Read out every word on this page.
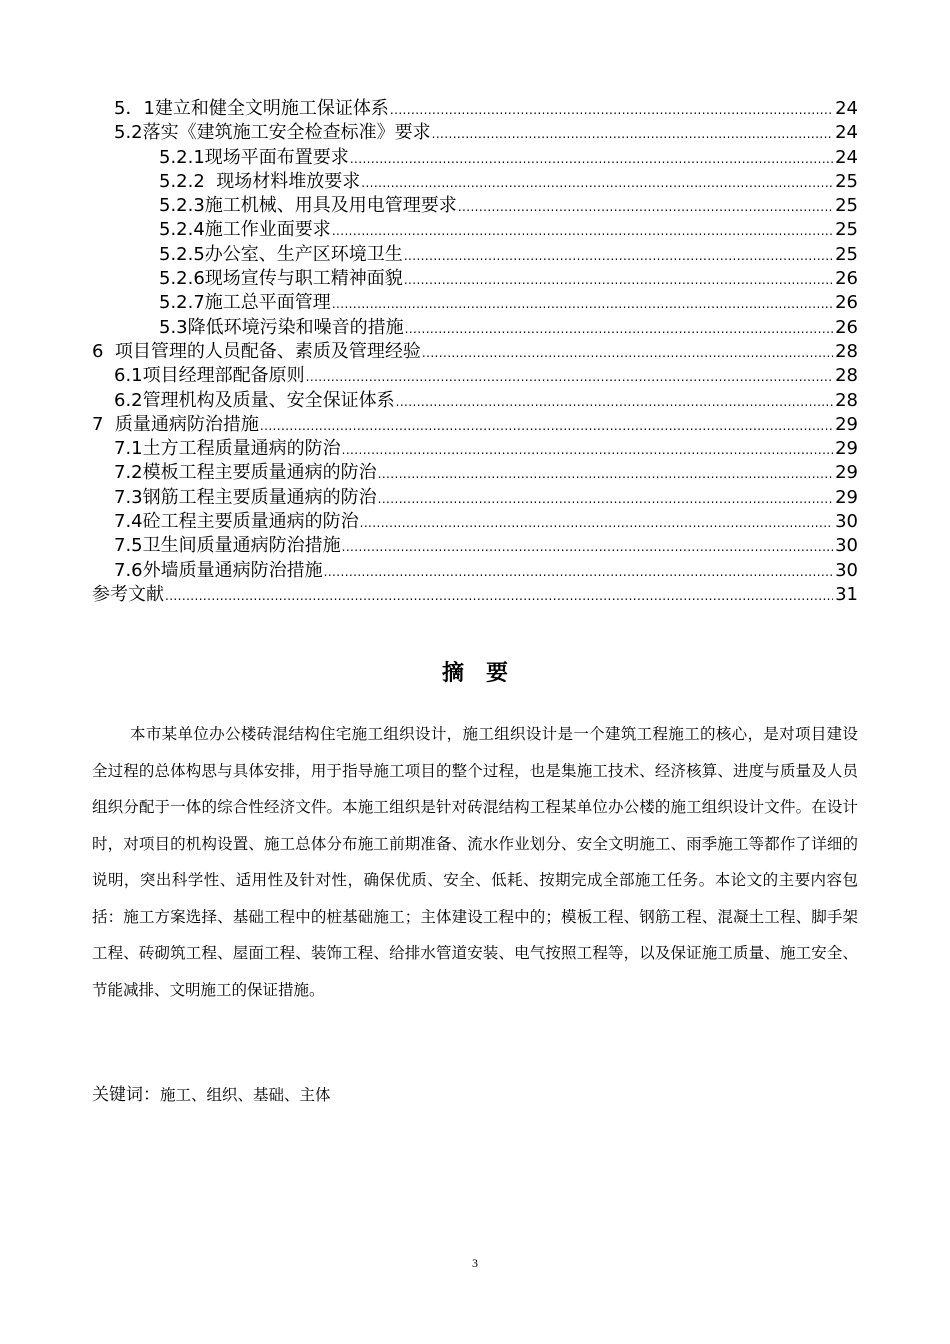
5．1建立和健全文明施工保证体系 .....	24
5.2落实《建筑施工安全检查标准》要求 .....	24
5.2.1现场平面布置要求 .....	24
5.2.2  现场材料堆放要求 .....	25
5.2.3施工机械、用具及用电管理要求 .....	25
5.2.4施工作业面要求 .....	25
5.2.5办公室、生产区环境卫生 .....	25
5.2.6现场宣传与职工精神面貌 .....	26
5.2.7施工总平面管理 .....	26
5.3降低环境污染和噪音的措施 .....	26
6  项目管理的人员配备、素质及管理经验 .....	28
6.1项目经理部配备原则 .....	28
6.2管理机构及质量、安全保证体系 .....	28
7  质量通病防治措施 .....	29
7.1土方工程质量通病的防治 .....	29
7.2模板工程主要质量通病的防治 .....	29
7.3钢筋工程主要质量通病的防治 .....	29
7.4砼工程主要质量通病的防治 .....	30
7.5卫生间质量通病防治措施 .....	30
7.6外墙质量通病防治措施 .....	30
参考文献 .....	31
摘要

本市某单位办公楼砖混结构住宅施工组织设计，施工组织设计是一个建筑工程施工的核心，是对项目建设全过程的总体构思与具体安排，用于指导施工项目的整个过程，也是集施工技术、经济核算、进度与质量及人员组织分配于一体的综合性经济文件。本施工组织是针对砖混结构工程某单位办公楼的施工组织设计文件。在设计时，对项目的机构设置、施工总体分布施工前期准备、流水作业划分、安全文明施工、雨季施工等都作了详细的说明，突出科学性、适用性及针对性，确保优质、安全、低耗、按期完成全部施工任务。本论文的主要内容包括：施工方案选择、基础工程中的桩基础施工；主体建设工程中的；模板工程、钢筋工程、混凝土工程、脚手架工程、砖砌筑工程、屋面工程、装饰工程、给排水管道安装、电气按照工程等，以及保证施工质量、施工安全、节能减排、文明施工的保证措施。

关键词：施工、组织、基础、主体
3
